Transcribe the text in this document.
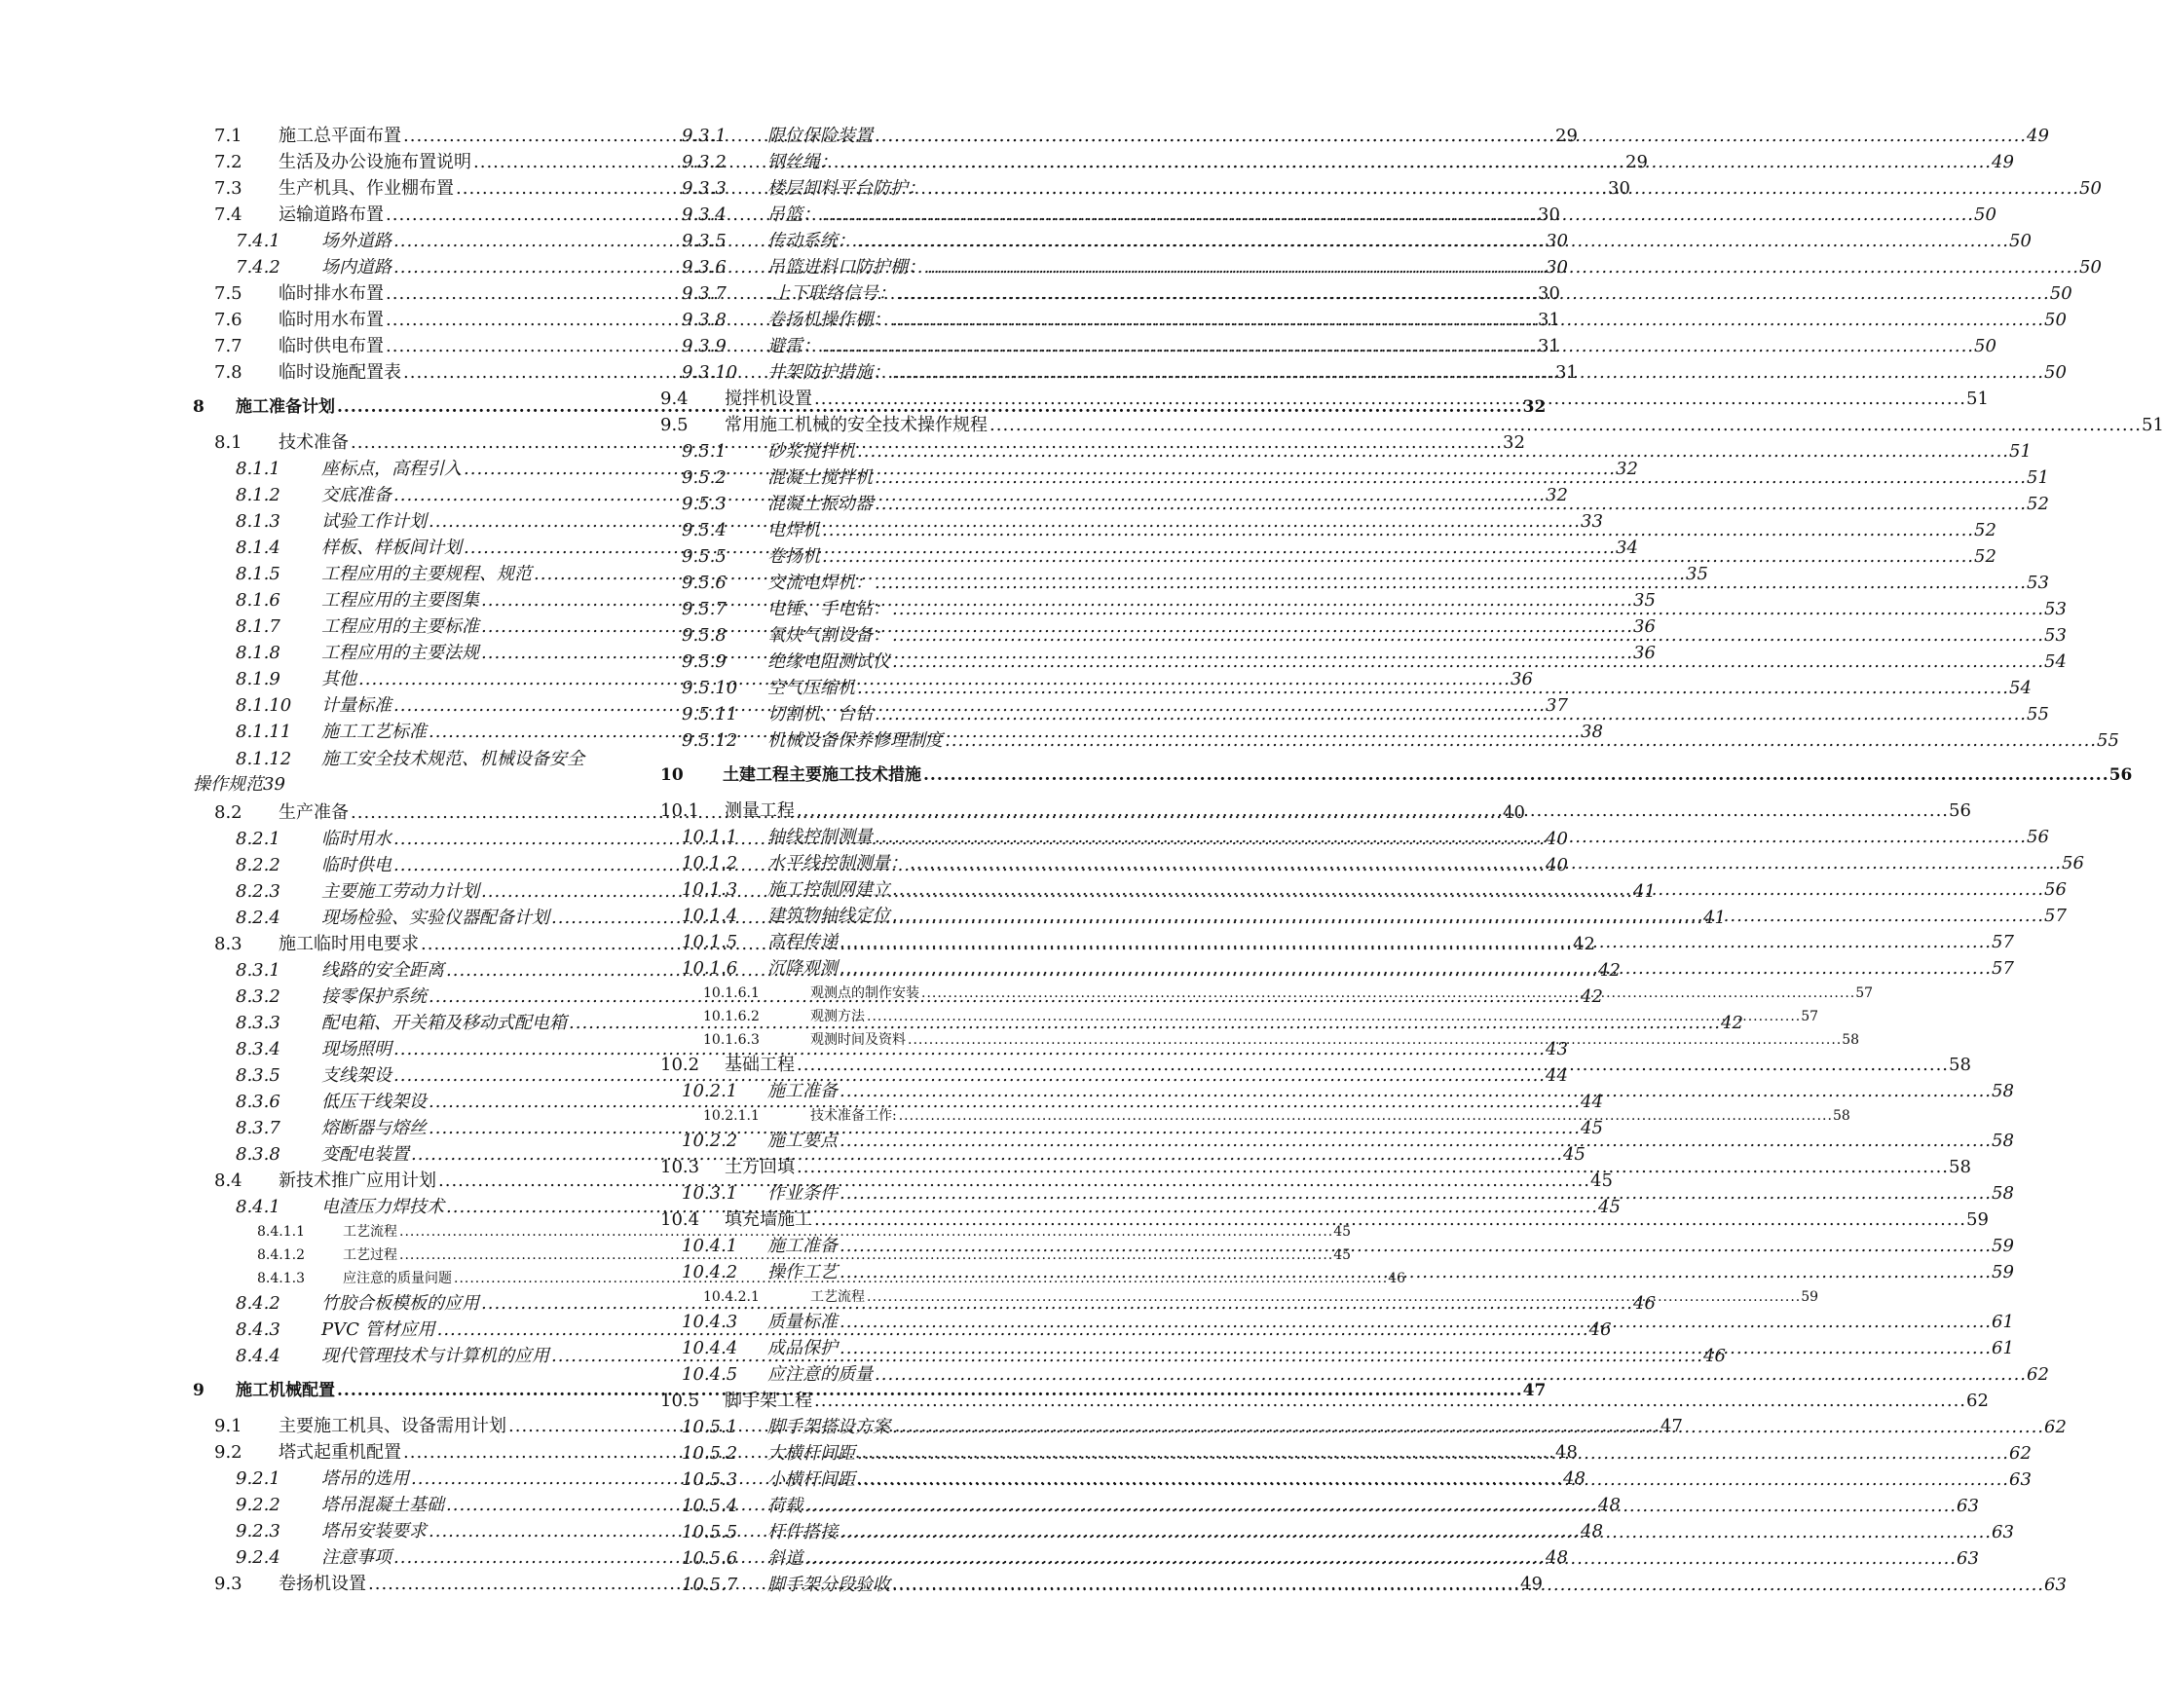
7.1	施工总平面布置 .....	29
7.2	生活及办公设施布置说明 .....	29
7.3	生产机具、作业棚布置 .....	30
7.4	运输道路布置 .....	30
7.4.1	场外道路 .....	30
7.4.2	场内道路 .....	30
7.5	临时排水布置 .....	30
7.6	临时用水布置 .....	31
7.7	临时供电布置 .....	31
7.8	临时设施配置表 .....	31
8	施工准备计划 .....	32
8.1	技术准备 .....	32
8.1.1	座标点，高程引入 .....	32
8.1.2	交底准备 .....	32
8.1.3	试验工作计划 .....	33
8.1.4	样板、样板间计划 .....	34
8.1.5	工程应用的主要规程、规范 .....	35
8.1.6	工程应用的主要图集 .....	35
8.1.7	工程应用的主要标准 .....	36
8.1.8	工程应用的主要法规 .....	36
8.1.9	其他 .....	36
8.1.10	计量标准 .....	37
8.1.11	施工工艺标准 .....	38
8.1.12 施工安全技术规范、机械设备安全操作规范39
8.2	生产准备 .....	40
8.2.1	临时用水 .....	40
8.2.2	临时供电 .....	40
8.2.3	主要施工劳动力计划 .....	41
8.2.4	现场检验、实验仪器配备计划 .....	41
8.3	施工临时用电要求 .....	42
8.3.1	线路的安全距离 .....	42
8.3.2	接零保护系统 .....	42
8.3.3	配电箱、开关箱及移动式配电箱 .....	42
8.3.4	现场照明 .....	43
8.3.5	支线架设 .....	44
8.3.6	低压干线架设 .....	44
8.3.7	熔断器与熔丝 .....	45
8.3.8	变配电装置 .....	45
8.4	新技术推广应用计划 .....	45
8.4.1	电渣压力焊技术 .....	45
8.4.1.1	工艺流程 .....	45
8.4.1.2	工艺过程 .....	45
8.4.1.3	应注意的质量问题 .....	46
8.4.2	竹胶合板模板的应用 .....	46
8.4.3	PVC 管材应用 .....	46
8.4.4	现代管理技术与计算机的应用 .....	46
9	施工机械配置 .....	47
9.1	主要施工机具、设备需用计划 .....	47
9.2	塔式起重机配置 .....	48
9.2.1	塔吊的选用 .....	48
9.2.2	塔吊混凝土基础 .....	48
9.2.3	塔吊安装要求 .....	48
9.2.4	注意事项 .....	48
9.3	卷扬机设置 .....	49
9.3.1	限位保险装置 .....	49
9.3.2	钢丝绳： .....	49
9.3.3	楼层卸料平台防护： .....	50
9.3.4	吊篮： .....	50
9.3.5	传动系统： .....	50
9.3.6	吊篮进料口防护棚： .....	50
9.3.7	.上下联络信号： .....	50
9.3.8	卷扬机操作棚： .....	50
9.3.9	避雷： .....	50
9.3.10	井架防护措施： .....	50
9.4	搅拌机设置 .....	51
9.5	常用施工机械的安全技术操作规程 .....	51
9.5.1	砂浆搅拌机 .....	51
9.5.2	混凝土搅拌机 .....	51
9.5.3	混凝土振动器 .....	52
9.5.4	电焊机 .....	52
9.5.5	卷扬机 .....	52
9.5.6	交流电焊机： .....	53
9.5.7	电锤、手电钻： .....	53
9.5.8	氧炔气割设备： .....	53
9.5.9	绝缘电阻测试仪 .....	54
9.5.10	空气压缩机 .....	54
9.5.11	切割机、台钻 .....	55
9.5.12	机械设备保养修理制度 .....	55
10	土建工程主要施工技术措施 .....	56
10.1	测量工程 .....	56
10.1.1	轴线控制测量 .....	56
10.1.2	水平线控制测量： .....	56
10.1.3	施工控制网建立 .....	56
10.1.4	建筑物轴线定位 .....	57
10.1.5	高程传递 .....	57
10.1.6	沉降观测 .....	57
10.1.6.1	观测点的制作安装 .....	57
10.1.6.2	观测方法 .....	57
10.1.6.3	观测时间及资料 .....	58
10.2	基础工程 .....	58
10.2.1	施工准备 .....	58
10.2.1.1	技术准备工作: .....	58
10.2.2	施工要点 .....	58
10.3	土方回填 .....	58
10.3.1	作业条件 .....	58
10.4	填充墙施工 .....	59
10.4.1	施工准备 .....	59
10.4.2	操作工艺 .....	59
10.4.2.1	工艺流程 .....	59
10.4.3	质量标准 .....	61
10.4.4	成品保护 .....	61
10.4.5	应注意的质量 .....	62
10.5	脚手架工程 .....	62
10.5.1	脚手架搭设方案 .....	62
10.5.2	大横杆间距 .....	62
10.5.3	小横杆间距 .....	63
10.5.4	荷载 .....	63
10.5.5	杆件搭接 .....	63
10.5.6	斜道 .....	63
10.5.7	脚手架分段验收 .....	63
